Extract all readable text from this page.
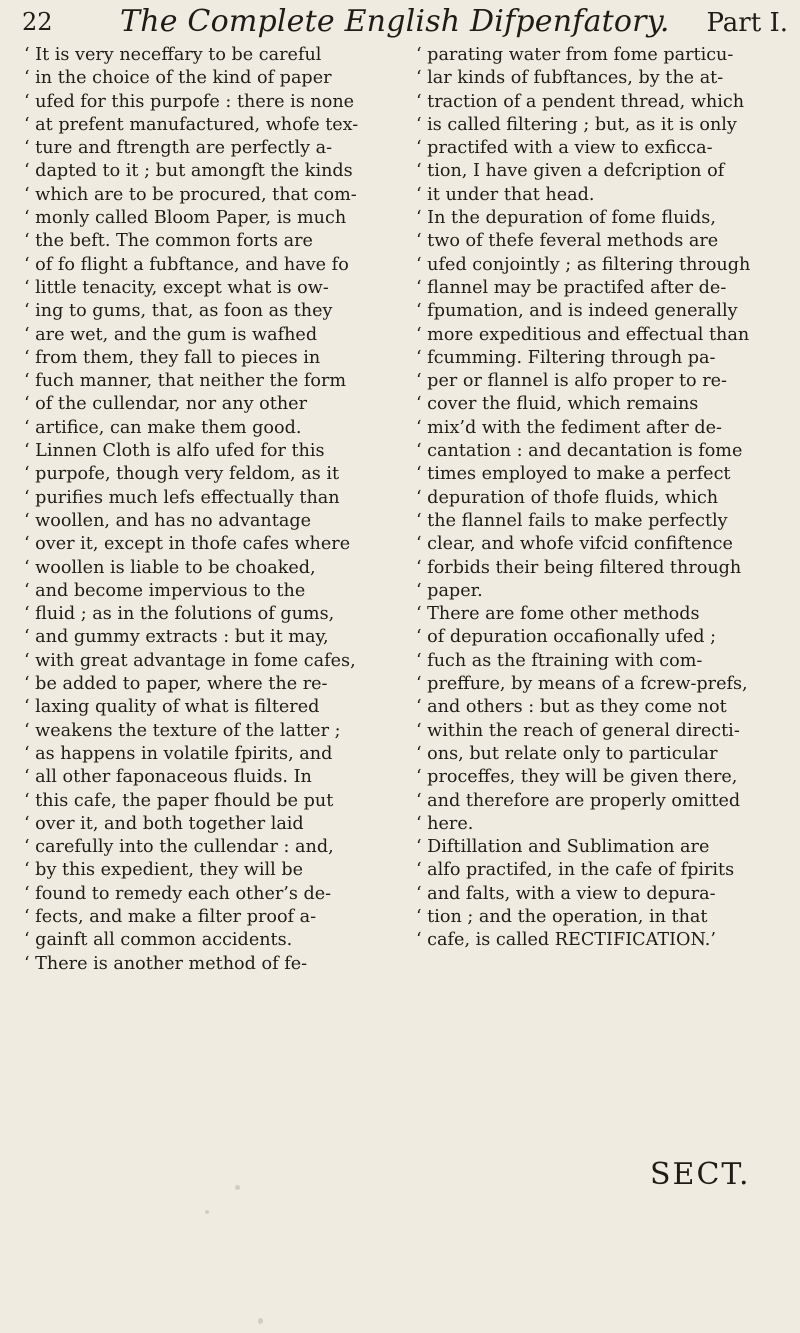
22 The Complete English Difpenfatory. Part I.
‘ It is very neceffary to be careful
‘ in the choice of the kind of paper
‘ ufed for this purpofe : there is none
‘ at prefent manufactured, whofe tex-
‘ ture and ftrength are perfectly a-
‘ dapted to it ; but amongft the kinds
‘ which are to be procured, that com-
‘ monly called Bloom Paper, is much
‘ the beft. The common forts are
‘ of fo flight a fubftance, and have fo
‘ little tenacity, except what is ow-
‘ ing to gums, that, as foon as they
‘ are wet, and the gum is wafhed
‘ from them, they fall to pieces in
‘ fuch manner, that neither the form
‘ of the cullendar, nor any other
‘ artifice, can make them good.
‘ Linnen Cloth is alfo ufed for this
‘ purpofe, though very feldom, as it
‘ purifies much lefs effectually than
‘ woollen, and has no advantage
‘ over it, except in thofe cafes where
‘ woollen is liable to be choaked,
‘ and become impervious to the
‘ fluid ; as in the folutions of gums,
‘ and gummy extracts : but it may,
‘ with great advantage in fome cafes,
‘ be added to paper, where the re-
‘ laxing quality of what is filtered
‘ weakens the texture of the latter ;
‘ as happens in volatile fpirits, and
‘ all other faponaceous fluids. In
‘ this cafe, the paper fhould be put
‘ over it, and both together laid
‘ carefully into the cullendar : and,
‘ by this expedient, they will be
‘ found to remedy each other’s de-
‘ fects, and make a filter proof a-
‘ gainft all common accidents.
‘ There is another method of fe-
‘ parating water from fome particu-
‘ lar kinds of fubftances, by the at-
‘ traction of a pendent thread, which
‘ is called filtering ; but, as it is only
‘ practifed with a view to exficca-
‘ tion, I have given a defcription of
‘ it under that head.
‘ In the depuration of fome fluids,
‘ two of thefe feveral methods are
‘ ufed conjointly ; as filtering through
‘ flannel may be practifed after de-
‘ fpumation, and is indeed generally
‘ more expeditious and effectual than
‘ fcumming. Filtering through pa-
‘ per or flannel is alfo proper to re-
‘ cover the fluid, which remains
‘ mix’d with the fediment after de-
‘ cantation : and decantation is fome
‘ times employed to make a perfect
‘ depuration of thofe fluids, which
‘ the flannel fails to make perfectly
‘ clear, and whofe vifcid confiftence
‘ forbids their being filtered through
‘ paper.
‘ There are fome other methods
‘ of depuration occafionally ufed ;
‘ fuch as the ftraining with com-
‘ preffure, by means of a fcrew-prefs,
‘ and others : but as they come not
‘ within the reach of general directi-
‘ ons, but relate only to particular
‘ proceffes, they will be given there,
‘ and therefore are properly omitted
‘ here.
‘ Diftillation and Sublimation are
‘ alfo practifed, in the cafe of fpirits
‘ and falts, with a view to depura-
‘ tion ; and the operation, in that
‘ cafe, is called RECTIFICATION.’
SECT.
